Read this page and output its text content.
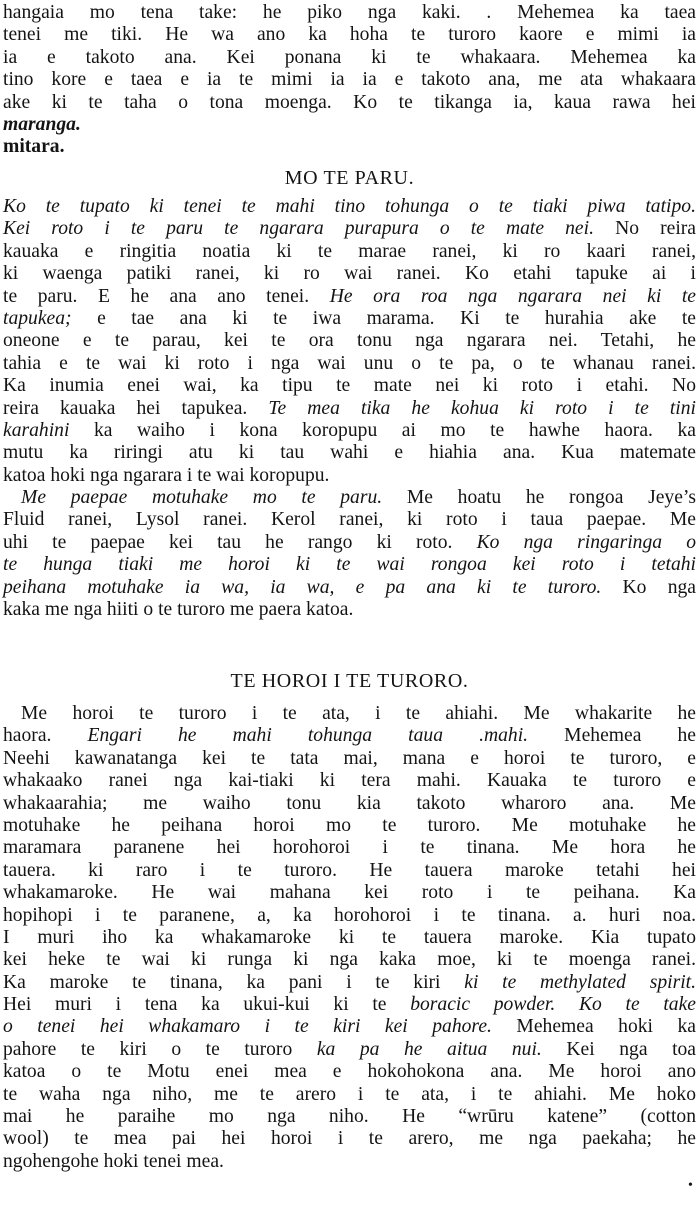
hangaia mo tena take: he piko nga kaki. . Mehemea ka taea
tenei me tiki. He wa ano ka hoha te turoro kaore e mimi ia
ia e takoto ana. Kei ponana ki te whakaara. Mehemea ka
tino kore e taea e ia te mimi ia ia e takoto ana, me ata whakaara
ake ki te taha o tona moenga. Ko te tikanga ia, kaua rawa hei
maranga.
mitara.
MO TE PARU.
Ko te tupato ki tenei te mahi tino tohunga o te tiaki piwa tatipo.
Kei roto i te paru te ngarara purapura o te mate nei. No reira
kauaka e ringitia noatia ki te marae ranei, ki ro kaari ranei,
ki waenga patiki ranei, ki ro wai ranei. Ko etahi tapuke ai i
te paru. E he ana ano tenei. He ora roa nga ngarara nei ki te
tapukea; e tae ana ki te iwa marama. Ki te hurahia ake te
oneone e te parau, kei te ora tonu nga ngarara nei. Tetahi, he
tahia e te wai ki roto i nga wai unu o te pa, o te whanau ranei.
Ka inumia enei wai, ka tipu te mate nei ki roto i etahi. No
reira kauaka hei tapukea. Te mea tika he kohua ki roto i te tini
karahini ka waiho i kona koropupu ai mo te hawhe haora. ka
mutu ka riringi atu ki tau wahi e hiahia ana. Kua matemate
katoa hoki nga ngarara i te wai koropupu.
Me paepae motuhake mo te paru. Me hoatu he rongoa Jeye’s
Fluid ranei, Lysol ranei. Kerol ranei, ki roto i taua paepae. Me
uhi te paepae kei tau he rango ki roto. Ko nga ringaringa o
te hunga tiaki me horoi ki te wai rongoa kei roto i tetahi
peihana motuhake ia wa, ia wa, e pa ana ki te turoro. Ko nga
kaka me nga hiiti o te turoro me paera katoa.
TE HOROI I TE TURORO.
Me horoi te turoro i te ata, i te ahiahi. Me whakarite he
haora. Engari he mahi tohunga taua .mahi. Mehemea he
Neehi kawanatanga kei te tata mai, mana e horoi te turoro, e
whakaako ranei nga kai-tiaki ki tera mahi. Kauaka te turoro e
whakaarahia; me waiho tonu kia takoto wharoro ana. Me
motuhake he peihana horoi mo te turoro. Me motuhake he
maramara paranene hei horohoroi i te tinana. Me hora he
tauera. ki raro i te turoro. He tauera maroke tetahi hei
whakamaroke. He wai mahana kei roto i te peihana. Ka
hopihopi i te paranene, a, ka horohoroi i te tinana. a. huri noa.
I muri iho ka whakamaroke ki te tauera maroke. Kia tupato
kei heke te wai ki runga ki nga kaka moe, ki te moenga ranei.
Ka maroke te tinana, ka pani i te kiri ki te methylated spirit.
Hei muri i tena ka ukui-kui ki te boracic powder. Ko te take
o tenei hei whakamaro i te kiri kei pahore. Mehemea hoki ka
pahore te kiri o te turoro ka pa he aitua nui. Kei nga toa
katoa o te Motu enei mea e hokohokona ana. Me horoi ano
te waha nga niho, me te arero i te ata, i te ahiahi. Me hoko
mai he paraihe mo nga niho. He “wrūru katene” (cotton
wool) te mea pai hei horoi i te arero, me nga paekaha; he
ngohengohe hoki tenei mea.
•
